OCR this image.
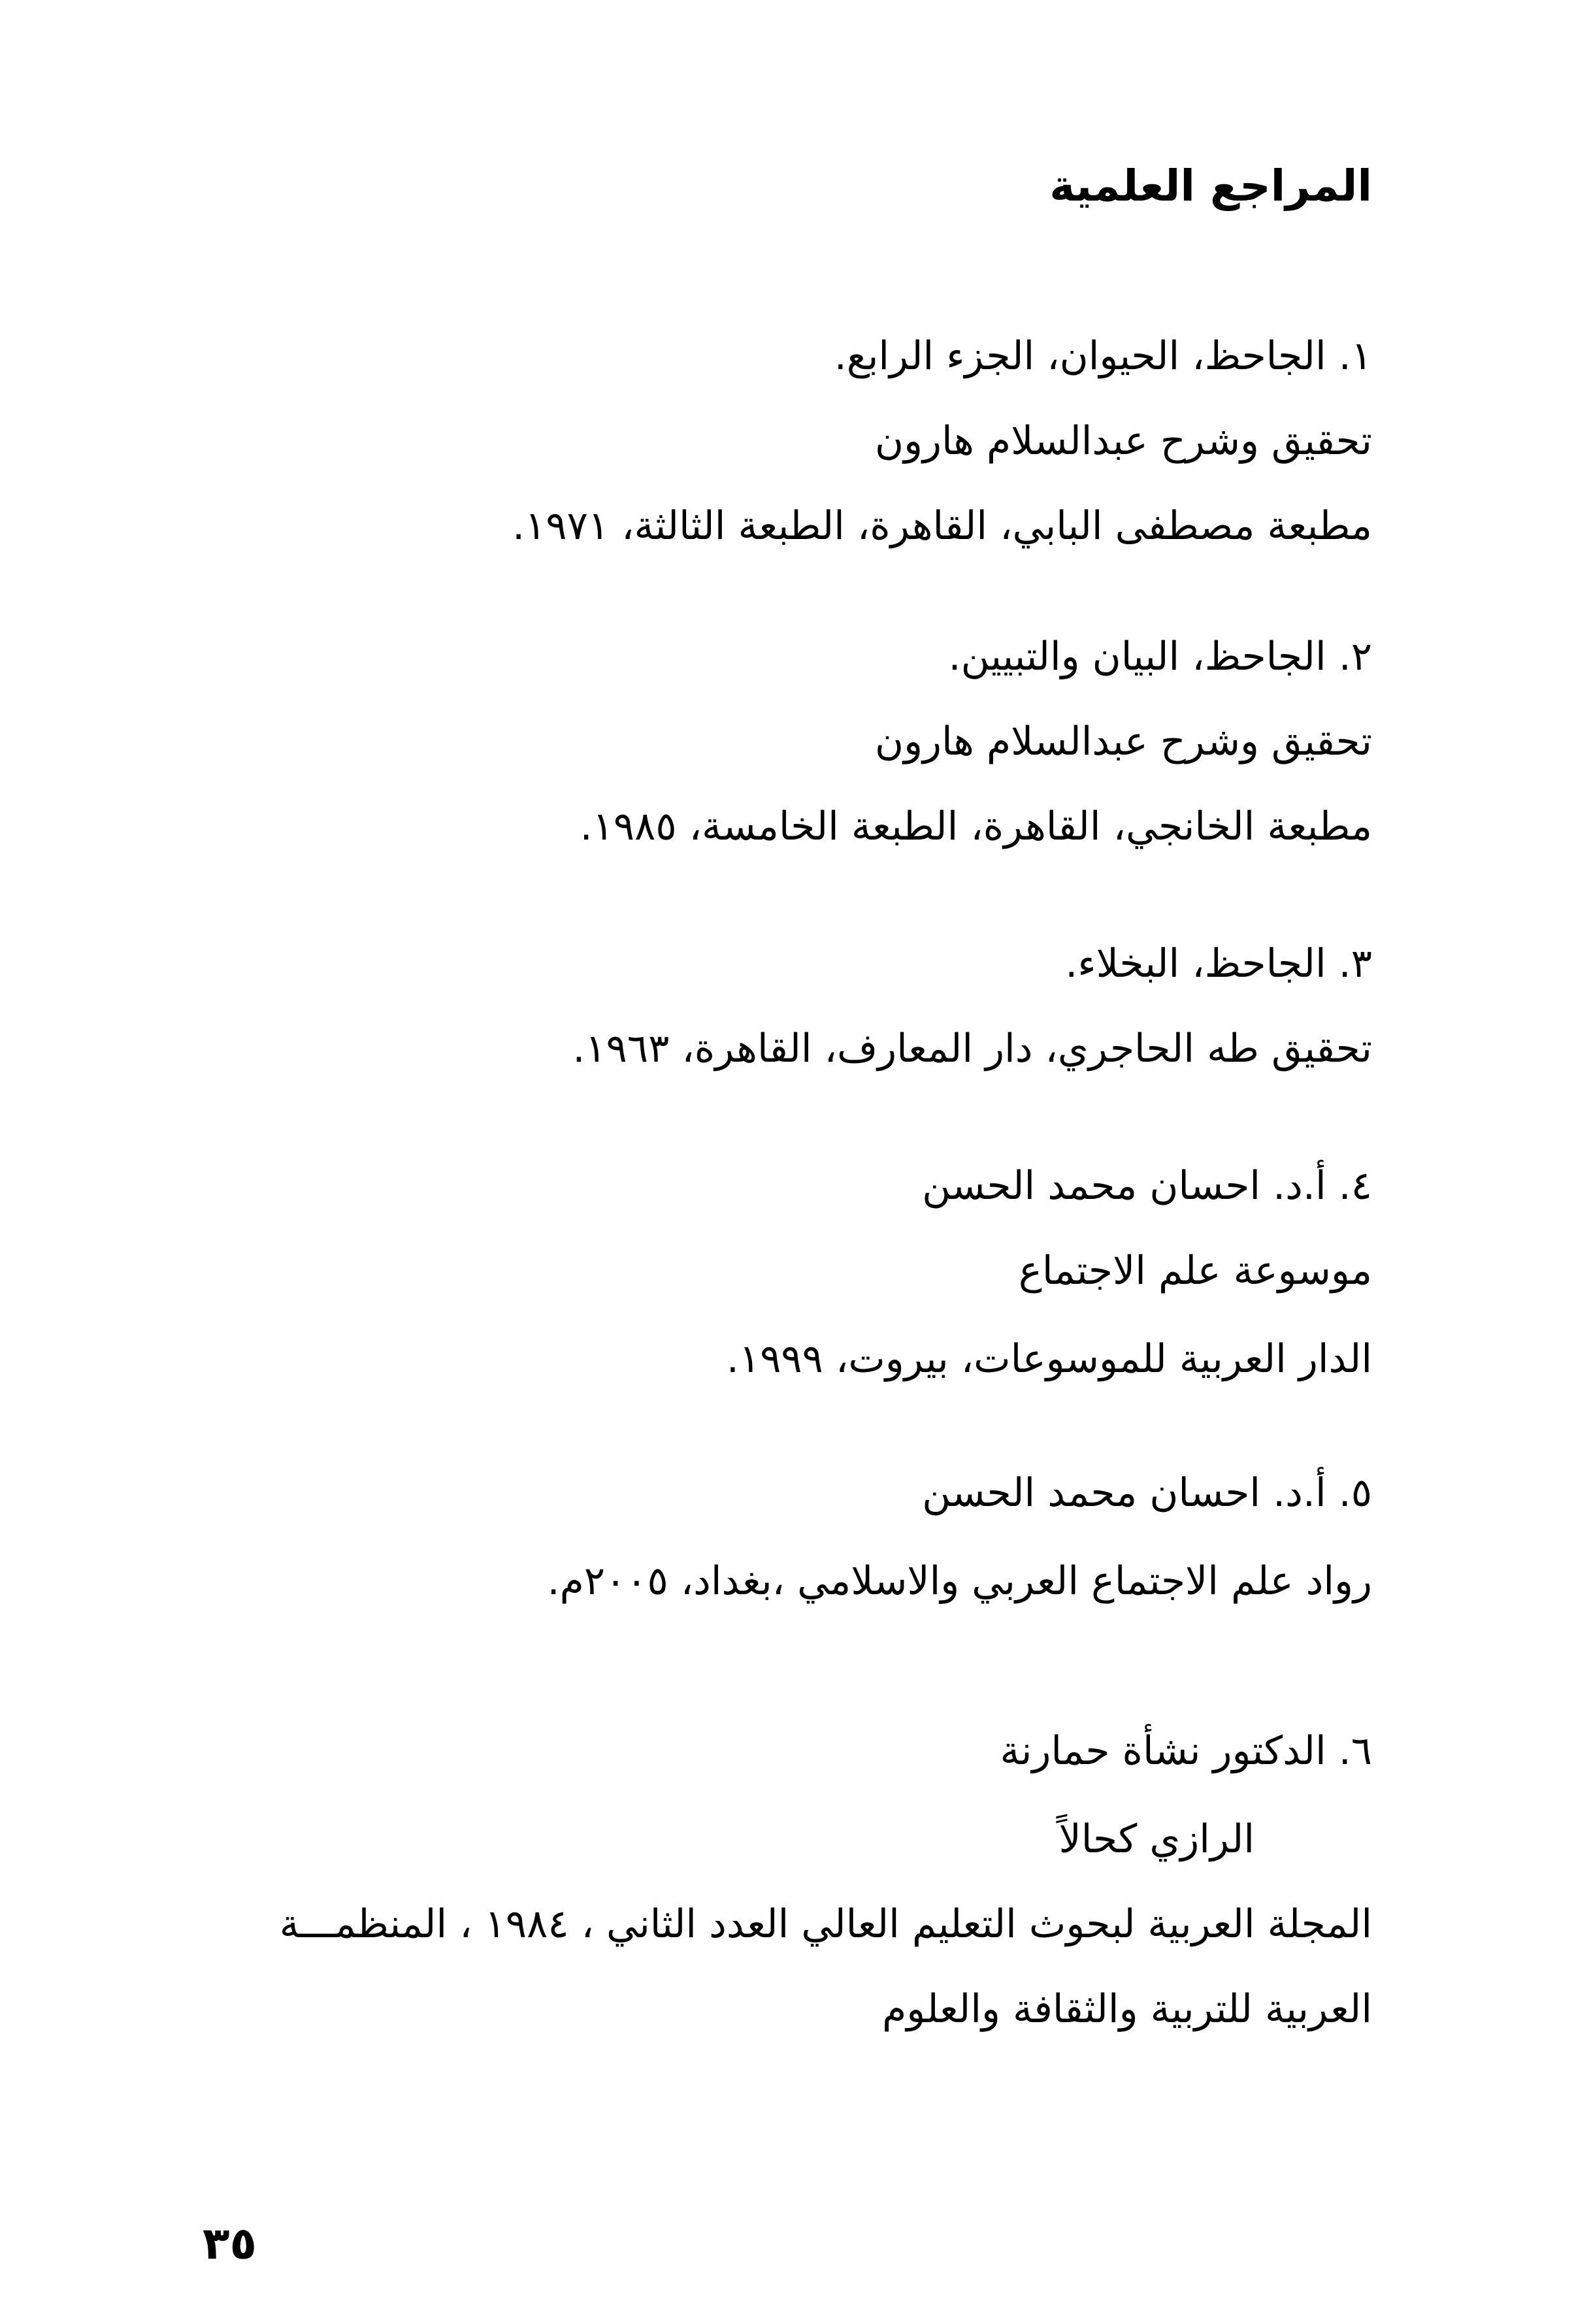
المراجع العلمية
١. الجاحظ، الحيوان، الجزء الرابع.
تحقيق وشرح عبدالسلام هارون
مطبعة مصطفى البابي، القاهرة، الطبعة الثالثة، ١٩٧١.
٢. الجاحظ، البيان والتبيين.
تحقيق وشرح عبدالسلام هارون
مطبعة الخانجي، القاهرة، الطبعة الخامسة، ١٩٨٥.
٣. الجاحظ، البخلاء.
تحقيق طه الحاجري، دار المعارف، القاهرة، ١٩٦٣.
٤. أ.د. احسان محمد الحسن
موسوعة علم الاجتماع
الدار العربية للموسوعات، بيروت، ١٩٩٩.
٥. أ.د. احسان محمد الحسن
رواد علم الاجتماع العربي والاسلامي ،بغداد، ٢٠٠٥م.
٦. الدكتور نشأة حمارنة
الرازي كحالاً
المجلة العربية لبحوث التعليم العالي العدد الثاني ، ١٩٨٤ ، المنظمـــة
العربية للتربية والثقافة والعلوم
٣٥
